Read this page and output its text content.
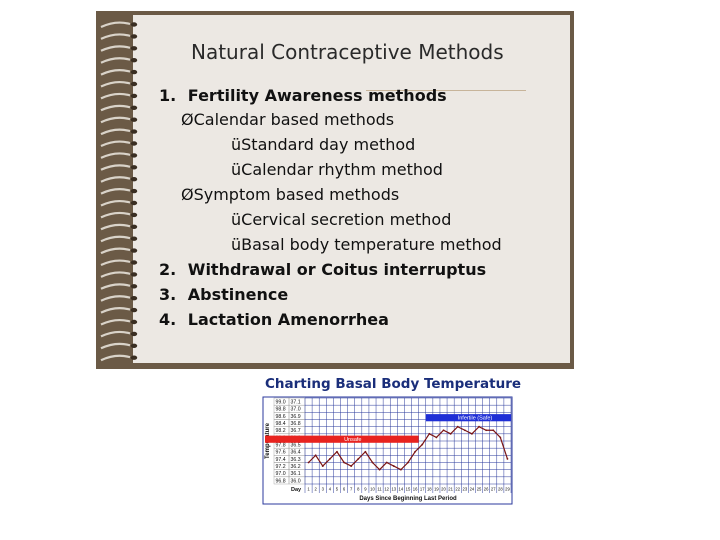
Natural Contraceptive Methods
1. Fertility Awareness methods
ØCalendar based methods
üStandard day method
üCalendar rhythm method
ØSymptom based methods
üCervical secretion method
üBasal body temperature method
2. Withdrawal or Coitus interruptus
3. Abstinence
4. Lactation Amenorrhea
Charting Basal Body Temperature
99.0 37.1
98.8 37.0
98.6 36.9
98.4 36.8
98.2 36.7
97.8 36.5
97.6 36.4
97.4 36.3
97.2 36.2
97.0 36.1
96.8 36.0
Unsafe
Infertile (Safe)
Day 1 2 3 4 5 6 7 8 9 10 11 12 13 14 15 16 17 18 19 20 21 22 23 24 25 26 27 28 29
Days Since Beginning Last Period
